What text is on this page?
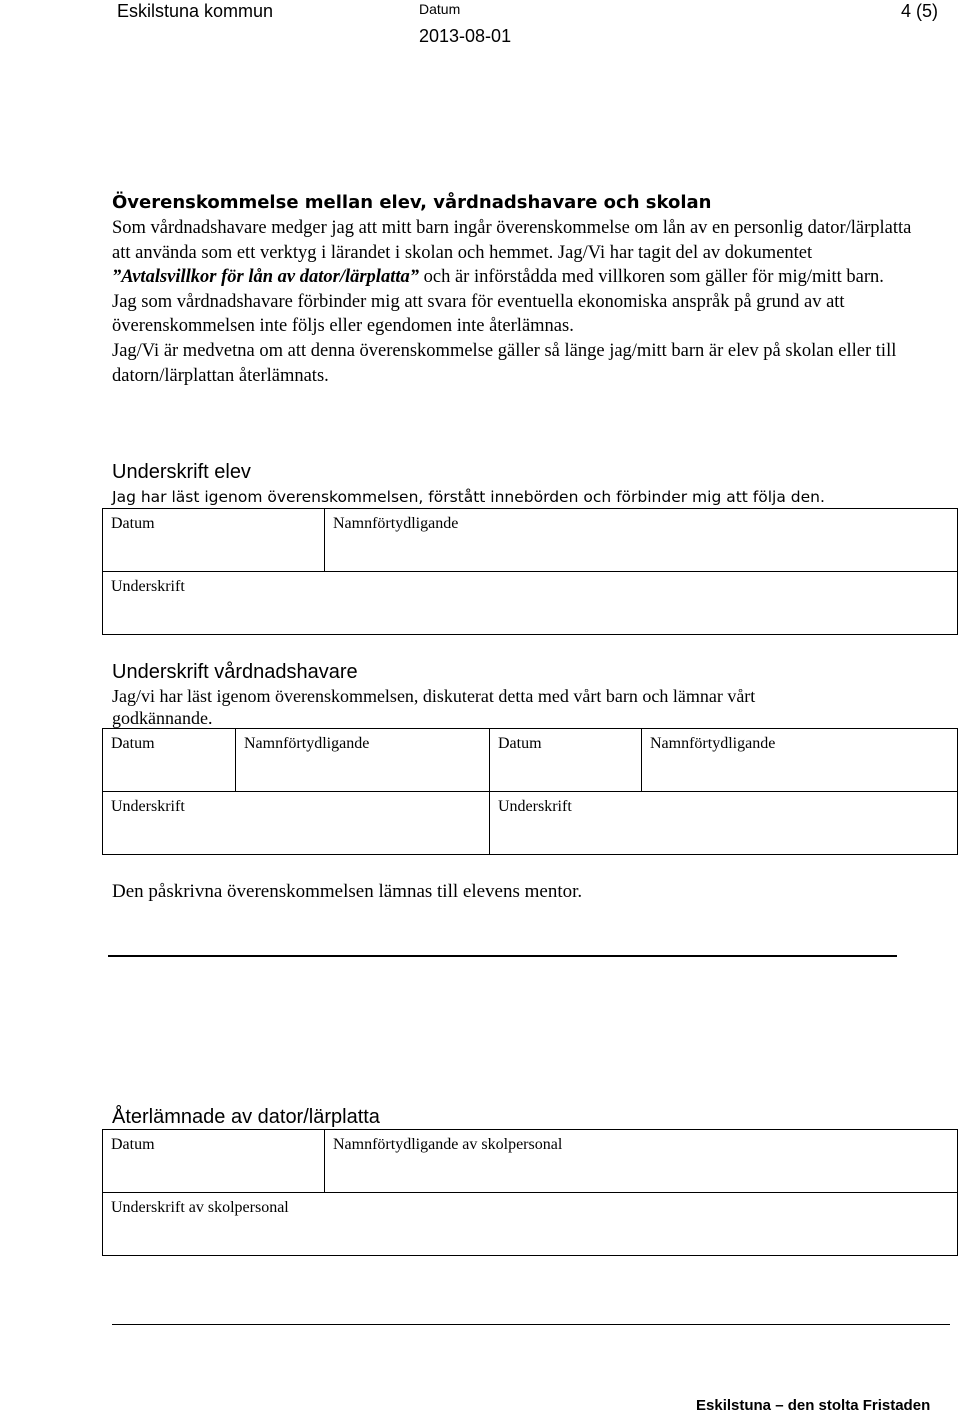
Eskilstuna kommun	Datum
2013-08-01
4 (5)
Överenskommelse mellan elev, vårdnadshavare och skolan
Som vårdnadshavare medger jag att mitt barn ingår överenskommelse om lån av en personlig dator/lärplatta att använda som ett verktyg i lärandet i skolan och hemmet. Jag/Vi har tagit del av dokumentet ”Avtalsvillkor för lån av dator/lärplatta” och är införstådda med villkoren som gäller för mig/mitt barn. Jag som vårdnadshavare förbinder mig att svara för eventuella ekonomiska anspråk på grund av att överenskommelsen inte följs eller egendomen inte återlämnas.
Jag/Vi är medvetna om att denna överenskommelse gäller så länge jag/mitt barn är elev på skolan eller till datorn/lärplattan återlämnats.
Underskrift elev
Jag har läst igenom överenskommelsen, förstått innebörden och förbinder mig att följa den.
Datum	Namnförtydligande
Underskrift
Underskrift vårdnadshavare
Jag/vi har läst igenom överenskommelsen, diskuterat detta med vårt barn och lämnar vårt godkännande.
Datum	Namnförtydligande	Datum	Namnförtydligande
Underskrift		Underskrift	
Den påskrivna överenskommelsen lämnas till elevens mentor.
Återlämnade av dator/lärplatta
Datum	Namnförtydligande av skolpersonal
Underskrift av skolpersonal
Eskilstuna – den stolta Fristaden
